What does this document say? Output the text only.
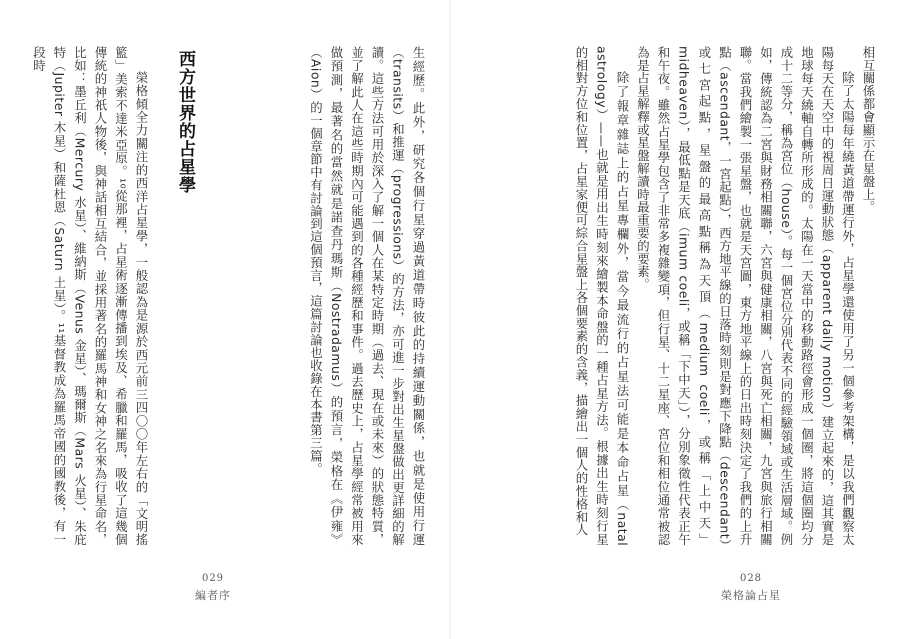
生經歷。此外，研究各個行星穿過黃道帶時彼此的持續運動關係，也就是使用行運（transits）和推運（progressions）的方法，亦可進一步對出生星盤做出更詳細的解讀。這些方法可用於深入了解一個人在某特定時期（過去、現在或未來）的狀態特質，並了解此人在這些時期內可能遇到的各種經歷和事件。過去歷史上，占星學經常被用來做預測，最著名的當然就是諾查丹瑪斯（Nostradamus）的預言，榮格在《伊雍》（Aion）的一個章節中有討論到這個預言，這篇討論也收錄在本書第三篇。

西方世界的占星學

榮格傾全力關注的西洋占星學，一般認為是源於西元前三四〇〇年左右的「文明搖籃」美索不達米亞原。¹⁰從那裡，占星術逐漸傳播到埃及、希臘和羅馬，吸收了這幾個傳統的神祇人物後，與神話相互結合，並採用著名的羅馬神和女神之名來為行星命名，比如：墨丘利（Mercury 水星）、維納斯（Venus 金星）、瑪爾斯（Mars 火星）、朱庇特（Jupiter 木星）和薩杜恩（Saturn 土星）。¹¹基督教成為羅馬帝國的國教後，有一段時

029
編者序

相互關係都會顯示在星盤上。

除了太陽每年繞黃道帶運行外，占星學還使用了另一個參考架構，是以我們觀察太陽每天在天空中的視周日運動狀態（apparent daily motion）建立起來的，這其實是地球每天繞軸自轉所形成的。太陽在一天當中的移動路徑會形成一個圈，將這個圈均分成十二等分，稱為宮位（house）。每一個宮位分別代表不同的經驗領域或生活層域。例如，傳統認為二宮與財務相關聯，六宮與健康相關，八宮與死亡相關，九宮與旅行相關聯。當我們繪製一張星盤，也就是天宮圖，東方地平線上的日出時刻決定了我們的上升點（ascendant，一宮起點），西方地平線的日落時刻則是對應下降點（descendant）或七宮起點，星盤的最高點稱為天頂（medium coeli，或稱「上中天」midheaven），最低點是天底（imum coeli，或稱「下中天」），分別象徵性代表正午和午夜。雖然占星學包含了非常多複雜變項，但行星、十二星座、宮位和相位通常被認為是占星解釋或星盤解讀時最重要的要素。

除了報章雜誌上的占星專欄外，當今最流行的占星法可能是本命占星（natal astrology）——也就是用出生時刻來繪製本命盤的一種占星方法。根據出生時刻行星的相對方位和位置，占星家便可綜合星盤上各個要素的含義，描繪出一個人的性格和人

028
榮格論占星
